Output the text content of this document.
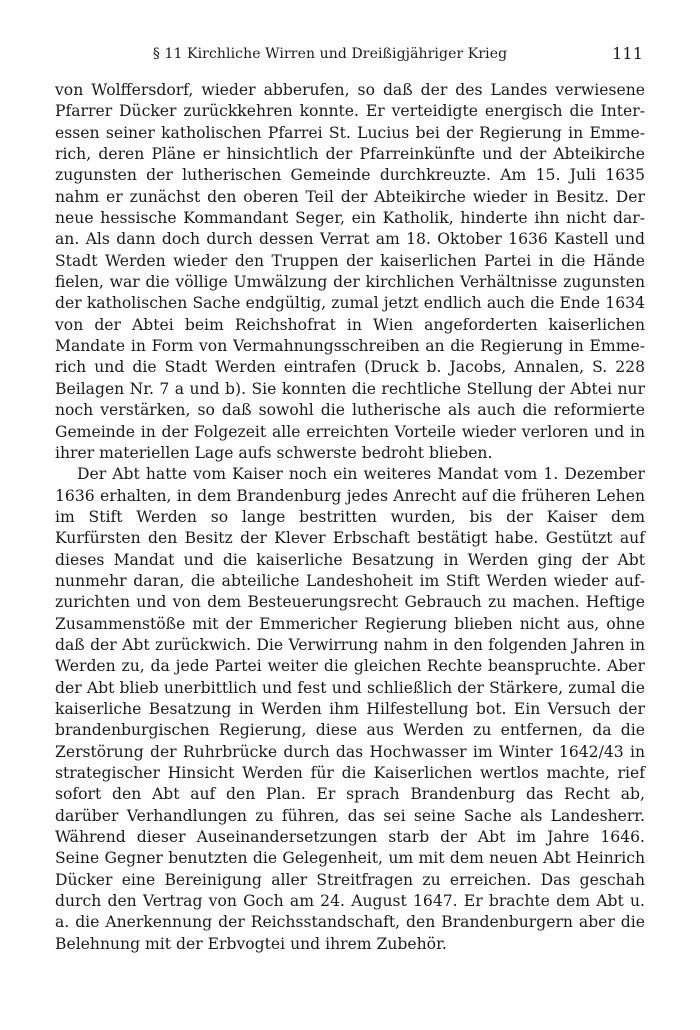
§ 11 Kirchliche Wirren und Dreißigjähriger Krieg	111

von Wolffersdorf, wieder abberufen, so daß der des Landes verwiesene Pfarrer Dücker zurückkehren konnte. Er verteidigte energisch die Interessen seiner katholischen Pfarrei St. Lucius bei der Regierung in Emmerich, deren Pläne er hinsichtlich der Pfarreinkünfte und der Abteikirche zugunsten der lutherischen Gemeinde durchkreuzte. Am 15. Juli 1635 nahm er zunächst den oberen Teil der Abteikirche wieder in Besitz. Der neue hessische Kommandant Seger, ein Katholik, hinderte ihn nicht daran. Als dann doch durch dessen Verrat am 18. Oktober 1636 Kastell und Stadt Werden wieder den Truppen der kaiserlichen Partei in die Hände fielen, war die völlige Umwälzung der kirchlichen Verhältnisse zugunsten der katholischen Sache endgültig, zumal jetzt endlich auch die Ende 1634 von der Abtei beim Reichshofrat in Wien angeforderten kaiserlichen Mandate in Form von Vermahnungsschreiben an die Regierung in Emmerich und die Stadt Werden eintrafen (Druck b. Jacobs, Annalen, S. 228 Beilagen Nr. 7 a und b). Sie konnten die rechtliche Stellung der Abtei nur noch verstärken, so daß sowohl die lutherische als auch die reformierte Gemeinde in der Folgezeit alle erreichten Vorteile wieder verloren und in ihrer materiellen Lage aufs schwerste bedroht blieben.

Der Abt hatte vom Kaiser noch ein weiteres Mandat vom 1. Dezember 1636 erhalten, in dem Brandenburg jedes Anrecht auf die früheren Lehen im Stift Werden so lange bestritten wurden, bis der Kaiser dem Kurfürsten den Besitz der Klever Erbschaft bestätigt habe. Gestützt auf dieses Mandat und die kaiserliche Besatzung in Werden ging der Abt nunmehr daran, die abteiliche Landeshoheit im Stift Werden wieder aufzurichten und von dem Besteuerungsrecht Gebrauch zu machen. Heftige Zusammenstöße mit der Emmericher Regierung blieben nicht aus, ohne daß der Abt zurückwich. Die Verwirrung nahm in den folgenden Jahren in Werden zu, da jede Partei weiter die gleichen Rechte beanspruchte. Aber der Abt blieb unerbittlich und fest und schließlich der Stärkere, zumal die kaiserliche Besatzung in Werden ihm Hilfestellung bot. Ein Versuch der brandenburgischen Regierung, diese aus Werden zu entfernen, da die Zerstörung der Ruhrbrücke durch das Hochwasser im Winter 1642/43 in strategischer Hinsicht Werden für die Kaiserlichen wertlos machte, rief sofort den Abt auf den Plan. Er sprach Brandenburg das Recht ab, darüber Verhandlungen zu führen, das sei seine Sache als Landesherr. Während dieser Auseinandersetzungen starb der Abt im Jahre 1646. Seine Gegner benutzten die Gelegenheit, um mit dem neuen Abt Heinrich Dücker eine Bereinigung aller Streitfragen zu erreichen. Das geschah durch den Vertrag von Goch am 24. August 1647. Er brachte dem Abt u. a. die Anerkennung der Reichsstandschaft, den Brandenburgern aber die Belehnung mit der Erbvogtei und ihrem Zubehör.
